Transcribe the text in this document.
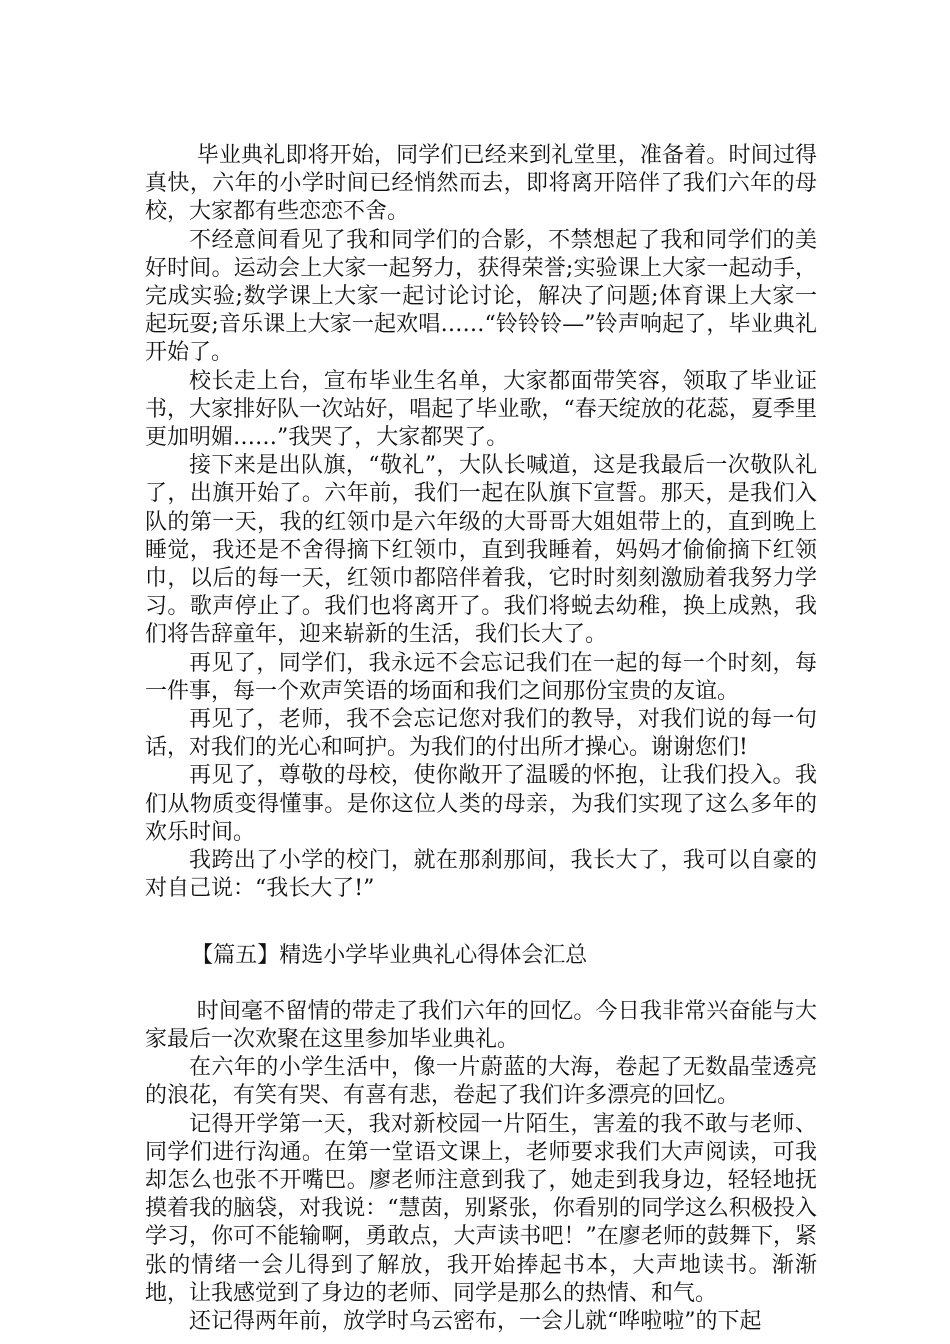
毕业典礼即将开始，同学们已经来到礼堂里，准备着。时间过得真快，六年的小学时间已经悄然而去，即将离开陪伴了我们六年的母校，大家都有些恋恋不舍。

不经意间看见了我和同学们的合影，不禁想起了我和同学们的美好时间。运动会上大家一起努力，获得荣誉;实验课上大家一起动手，完成实验;数学课上大家一起讨论讨论，解决了问题;体育课上大家一起玩耍;音乐课上大家一起欢唱……“铃铃铃—”铃声响起了，毕业典礼开始了。

校长走上台，宣布毕业生名单，大家都面带笑容，领取了毕业证书，大家排好队一次站好，唱起了毕业歌，“春天绽放的花蕊，夏季里更加明媚……”我哭了，大家都哭了。

接下来是出队旗，“敬礼”，大队长喊道，这是我最后一次敬队礼了，出旗开始了。六年前，我们一起在队旗下宣誓。那天，是我们入队的第一天，我的红领巾是六年级的大哥哥大姐姐带上的，直到晚上睡觉，我还是不舍得摘下红领巾，直到我睡着，妈妈才偷偷摘下红领巾，以后的每一天，红领巾都陪伴着我，它时时刻刻激励着我努力学习。歌声停止了。我们也将离开了。我们将蜕去幼稚，换上成熟，我们将告辞童年，迎来崭新的生活，我们长大了。

再见了，同学们，我永远不会忘记我们在一起的每一个时刻，每一件事，每一个欢声笑语的场面和我们之间那份宝贵的友谊。

再见了，老师，我不会忘记您对我们的教导，对我们说的每一句话，对我们的光心和呵护。为我们的付出所才操心。谢谢您们!

再见了，尊敬的母校，使你敞开了温暖的怀抱，让我们投入。我们从物质变得懂事。是你这位人类的母亲，为我们实现了这么多年的欢乐时间。

我跨出了小学的校门，就在那刹那间，我长大了，我可以自豪的对自己说：“我长大了!”

【篇五】精选小学毕业典礼心得体会汇总

时间毫不留情的带走了我们六年的回忆。今日我非常兴奋能与大家最后一次欢聚在这里参加毕业典礼。

在六年的小学生活中，像一片蔚蓝的大海，卷起了无数晶莹透亮的浪花，有笑有哭、有喜有悲，卷起了我们许多漂亮的回忆。

记得开学第一天，我对新校园一片陌生，害羞的我不敢与老师、同学们进行沟通。在第一堂语文课上，老师要求我们大声阅读，可我却怎么也张不开嘴巴。廖老师注意到我了，她走到我身边，轻轻地抚摸着我的脑袋，对我说：“慧茵，别紧张，你看别的同学这么积极投入学习，你可不能输啊，勇敢点，大声读书吧！”在廖老师的鼓舞下，紧张的情绪一会儿得到了解放，我开始捧起书本，大声地读书。渐渐地，让我感觉到了身边的老师、同学是那么的热情、和气。

还记得两年前，放学时乌云密布，一会儿就“哗啦啦”的下起
